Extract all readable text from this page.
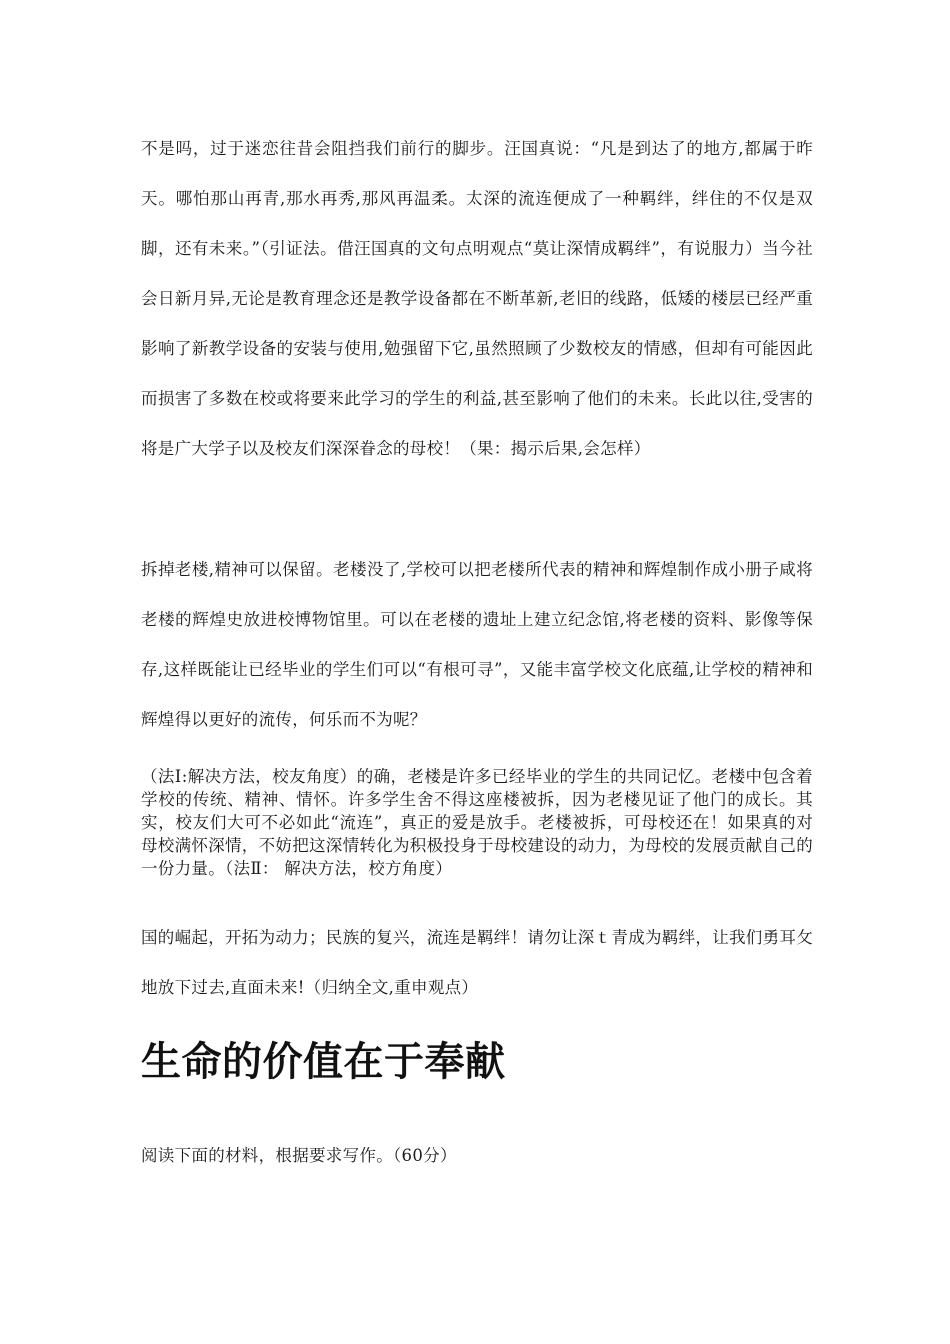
不是吗，过于迷恋往昔会阻挡我们前行的脚步。汪国真说：“凡是到达了的地方,都属于昨天。哪怕那山再青,那水再秀,那风再温柔。太深的流连便成了一种羁绊，绊住的不仅是双脚，还有未来。”（引证法。借汪国真的文句点明观点“莫让深情成羁绊”，有说服力）当今社会日新月异,无论是教育理念还是教学设备都在不断革新,老旧的线路，低矮的楼层已经严重影响了新教学设备的安装与使用,勉强留下它,虽然照顾了少数校友的情感，但却有可能因此而损害了多数在校或将要来此学习的学生的利益,甚至影响了他们的未来。长此以往,受害的将是广大学子以及校友们深深眷念的母校！（果：揭示后果,会怎样）

拆掉老楼,精神可以保留。老楼没了,学校可以把老楼所代表的精神和辉煌制作成小册子咸将老楼的辉煌史放进校博物馆里。可以在老楼的遗址上建立纪念馆,将老楼的资料、影像等保存,这样既能让已经毕业的学生们可以“有根可寻”，又能丰富学校文化底蕴,让学校的精神和辉煌得以更好的流传，何乐而不为呢？

（法Ⅰ:解决方法，校友角度）的确，老楼是许多已经毕业的学生的共同记忆。老楼中包含着学校的传统、精神、情怀。许多学生舍不得这座楼被拆，因为老楼见证了他门的成长。其实，校友们大可不必如此“流连”，真正的爱是放手。老楼被拆，可母校还在！如果真的对母校满怀深情，不妨把这深情转化为积极投身于母校建设的动力，为母校的发展贡献自己的一份力量。（法Ⅱ： 解决方法，校方角度）

国的崛起，开拓为动力；民族的复兴，流连是羁绊！请勿让深ｔ青成为羁绊，让我们勇耳攵地放下过去,直面未来!（归纳全文,重申观点）

生命的价值在于奉献

阅读下面的材料，根据要求写作。（60分）
